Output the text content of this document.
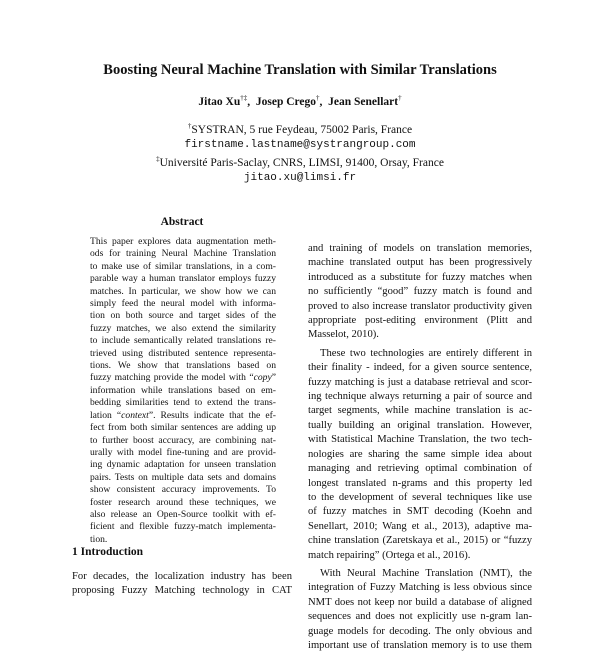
Boosting Neural Machine Translation with Similar Translations
Jitao Xu†‡,  Josep Crego†,  Jean Senellart†
†SYSTRAN, 5 rue Feydeau, 75002 Paris, France
firstname.lastname@systrangroup.com
‡Université Paris-Saclay, CNRS, LIMSI, 91400, Orsay, France
jitao.xu@limsi.fr
Abstract
This paper explores data augmentation meth-
ods for training Neural Machine Translation
to make use of similar translations, in a com-
parable way a human translator employs fuzzy
matches. In particular, we show how we can
simply feed the neural model with informa-
tion on both source and target sides of the
fuzzy matches, we also extend the similarity
to include semantically related translations re-
trieved using distributed sentence representa-
tions. We show that translations based on
fuzzy matching provide the model with “copy”
information while translations based on em-
bedding similarities tend to extend the trans-
lation “context”. Results indicate that the ef-
fect from both similar sentences are adding up
to further boost accuracy, are combining nat-
urally with model fine-tuning and are provid-
ing dynamic adaptation for unseen translation
pairs. Tests on multiple data sets and domains
show consistent accuracy improvements. To
foster research around these techniques, we
also release an Open-Source toolkit with ef-
ficient and flexible fuzzy-match implementa-
tion.
1 Introduction
For decades, the localization industry has been
proposing Fuzzy Matching technology in CAT
and training of models on translation memories,
machine translated output has been progressively
introduced as a substitute for fuzzy matches when
no sufficiently “good” fuzzy match is found and
proved to also increase translator productivity given
appropriate post-editing environment (Plitt and
Masselot, 2010).
These two technologies are entirely different in
their finality - indeed, for a given source sentence,
fuzzy matching is just a database retrieval and scor-
ing technique always returning a pair of source and
target segments, while machine translation is ac-
tually building an original translation. However,
with Statistical Machine Translation, the two tech-
nologies are sharing the same simple idea about
managing and retrieving optimal combination of
longest translated n-grams and this property led
to the development of several techniques like use
of fuzzy matches in SMT decoding (Koehn and
Senellart, 2010; Wang et al., 2013), adaptive ma-
chine translation (Zaretskaya et al., 2015) or “fuzzy
match repairing” (Ortega et al., 2016).
With Neural Machine Translation (NMT), the
integration of Fuzzy Matching is less obvious since
NMT does not keep nor build a database of aligned
sequences and does not explicitly use n-gram lan-
guage models for decoding. The only obvious and
important use of translation memory is to use them
